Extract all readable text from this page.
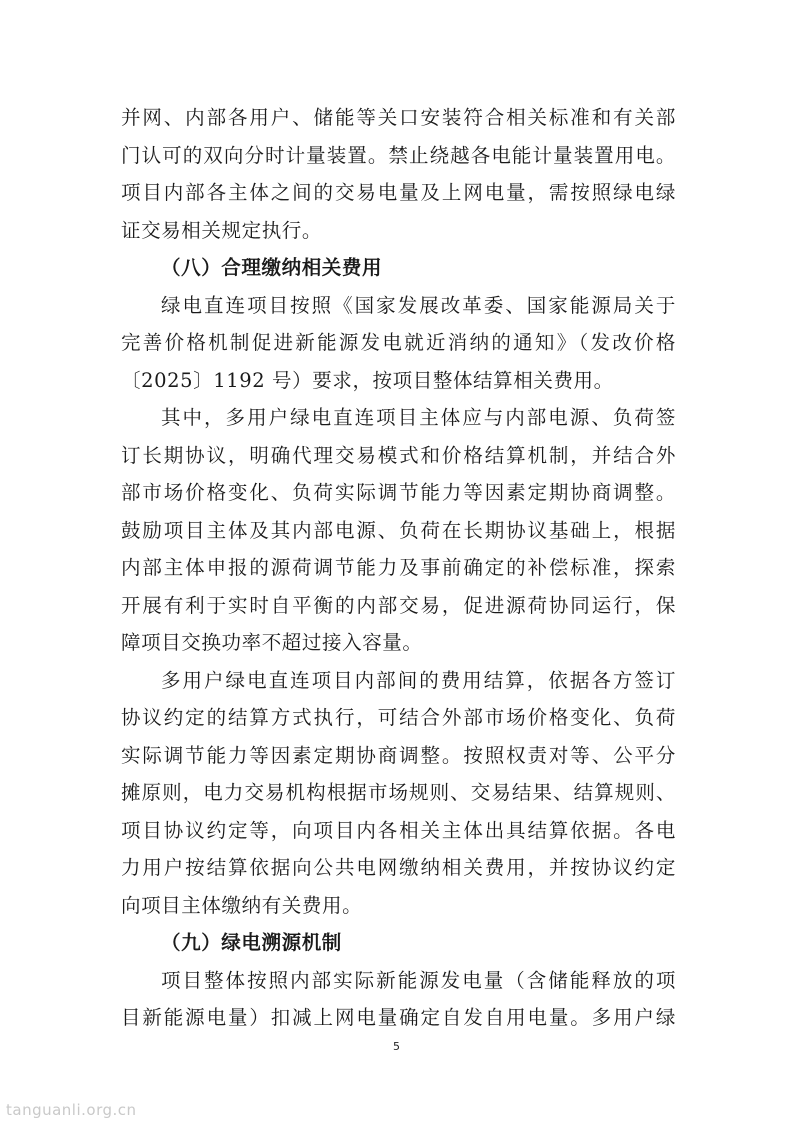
并网、内部各用户、储能等关口安装符合相关标准和有关部
门认可的双向分时计量装置。禁止绕越各电能计量装置用电。
项目内部各主体之间的交易电量及上网电量，需按照绿电绿
证交易相关规定执行。
（八）合理缴纳相关费用
绿电直连项目按照《国家发展改革委、国家能源局关于
完善价格机制促进新能源发电就近消纳的通知》（发改价格
〔2025〕1192 号）要求，按项目整体结算相关费用。
其中，多用户绿电直连项目主体应与内部电源、负荷签
订长期协议，明确代理交易模式和价格结算机制，并结合外
部市场价格变化、负荷实际调节能力等因素定期协商调整。
鼓励项目主体及其内部电源、负荷在长期协议基础上，根据
内部主体申报的源荷调节能力及事前确定的补偿标准，探索
开展有利于实时自平衡的内部交易，促进源荷协同运行，保
障项目交换功率不超过接入容量。
多用户绿电直连项目内部间的费用结算，依据各方签订
协议约定的结算方式执行，可结合外部市场价格变化、负荷
实际调节能力等因素定期协商调整。按照权责对等、公平分
摊原则，电力交易机构根据市场规则、交易结果、结算规则、
项目协议约定等，向项目内各相关主体出具结算依据。各电
力用户按结算依据向公共电网缴纳相关费用，并按协议约定
向项目主体缴纳有关费用。
（九）绿电溯源机制
项目整体按照内部实际新能源发电量（含储能释放的项
目新能源电量）扣减上网电量确定自发自用电量。多用户绿
5
tanguanli.org.cn
